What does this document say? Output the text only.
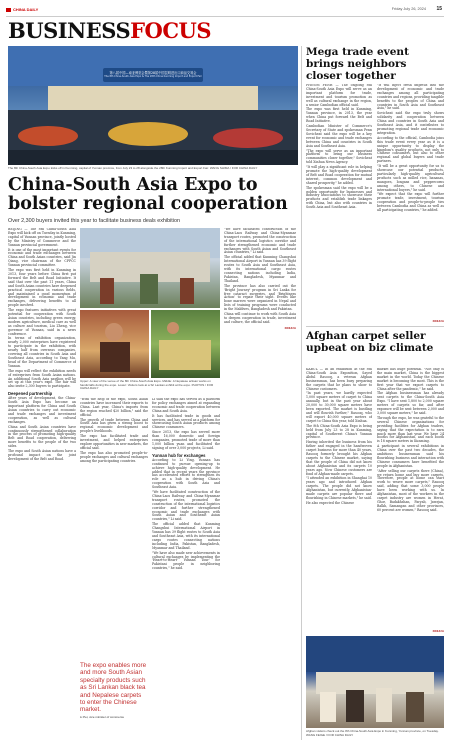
CHINA DAILY	Friday July 26, 2024 15
BUSINESSFOCUS
第八届中国—南亚博览会暨第28届中国昆明进出口商品交易会
The 8th China-South Asia Expo & The 28th China Kunming Import and Export Fair
The 8th China-South Asia Expo kicks off in Kunming, capital of Yunnan province, from July 23 to 28 alongside the 28th Kunming Import and Export Fair. WANG SHIMA / FOR CHINA DAILY
China-South Asia Expo to bolster regional cooperation
Over 2,300 buyers invited this year to facilitate business deals exhibition

BEIJING — The 8th China-South Asia Expo will kick off on Tuesday in Kunming, capital of Yunnan province, jointly hosted by the Ministry of Commerce and the Yunnan provincial government.

It is one of the most important events for economic and trade exchanges between China and South Asian countries, said Jin Qiang, vice chairman of the CPPCC Yunnan provincial committee.

The expo was first held in Kunming in 2013, four years before China first put forward the Belt and Road Initiative. It said that over the past 11 years, China and South Asian countries have deepened practical cooperation in various fields, and maintained a good momentum of development in economic and trade exchanges, delivering benefits to all people involved.

The expo features initiatives with great potential for cooperation with South Asian countries, including green energy, modern agriculture, medical care as well as culture and tourism, Liu Zheng, vice governor of Yunnan, said in a news conference.

In terms of exhibition organization, nearly 2,000 enterprises have registered to participate in the exhibition, with nearly half from overseas companies, covering all countries in South Asia and Southeast Asia, according to Yang Mu, head of the Department of Commerce of Yunnan.

The expo will reflect the exhibition needs of enterprises from South Asian nations. An additional South Asia pavilion will be set up at this year's expo. The fair will also invite 2,300 buyers to participate.

Deepened partnership

After years of development, the China-South Asia Expo has become an important platform for China and South Asian countries to carry out economic and trade exchanges and investment cooperation, as well as cultural exchanges.

China and South Asian countries have continuously strengthened collaboration in the process of promoting high-quality Belt and Road cooperation, delivering more benefits to the people of the two sides.

The expo and South Asian nations have a profound impact on the joint development of the Belt and Road.

Upper: A view of the venue of the 8th China-South Asia Expo. Middle: A Nepalese artisan works on handicrafts during the expo. Lower: Visitors look at a Sri Lankan exhibit at the expo. PHOTOS / FOR CHINA DAILY

"With the help of the expo, South Asian countries have increased their exports to China. Last year, China's imports from the region reached $20 billion," said the official.

The growth of trade between China and South Asia has given a strong boost to regional economic development and people's livelihoods.

The expo has facilitated trade and investment, and helped enterprises explore opportunities in new markets, the official said.

The expo has also promoted people-to-people exchanges and cultural exchanges among the participating countries.

The expo enables more and more South Asian specialty products such as Sri Lankan black tea and Nepalese carpets to enter the Chinese market.
Li Pei, vice minister of commerce

Li said the expo has served as a platform for policy exchanges aimed at expanding economic and trade cooperation between China and South Asia.

It has facilitated trade in goods and services, and has served as a platform for showcasing South Asian products among Chinese consumers.

Since 2013, the expo has served more than 16,000 domestic and foreign companies, promoted trade of more than 1,000 billion yuan and facilitated the signing of over 3,000 projects, Li said.

Yunnan hub for exchanges

According to Li Ying, Yunnan has continued to pursue opening-up to achieve high-quality development. He added that in recent years the province has accelerated efforts to strengthen its role as a hub in driving China's cooperation with South Asia and Southeast Asia.

"We have facilitated construction of the China-Laos Railway and China-Myanmar transport routes, promoted the construction of the international logistics corridor and further strengthened economic and trade exchanges with South Asian and Southeast Asian countries," Li said.

The official added that Kunming Changshui International Airport in Yunnan has 39 flight routes to South Asia and Southeast Asia, with its international cargo routes connecting nations including India, Pakistan, Bangladesh, Myanmar and Thailand.

"We have also made new achievements in cultural exchanges by implementing the 'Heart-to-Heart' Yunnan Tour' for Pakistani people in neighboring countries," he said.

"We have facilitated construction of the China-Laos Railway and China-Myanmar transport routes, promoted the construction of the international logistics corridor and further strengthened economic and trade exchanges with South Asian and Southeast Asian countries," Li said.

The official added that Kunming Changshui International Airport in Yunnan has 39 flight routes to South Asia and Southeast Asia, with its international cargo routes connecting nations including India, Pakistan, Bangladesh, Myanmar and Thailand.

The province has also carried out the 'Bright Journey' program in Sri Lanka for free cataract surgeries, and 'Brightness Action' to repair their sight. Events like bone marrow were organized in Nepal and lists of training programs were conducted in the Maldives, Bangladesh and Pakistan.

China will continue to work with South Asia to deepen cooperation in trade, investment and culture, the official said.

XINHUA
Mega trade event brings neighbors closer together

PHNOM PENH — The ongoing 8th China-South Asia Expo will serve as an important platform for trade, investment and tourism promotion as well as cultural exchange in the region, a senior Cambodian official said.

The expo was first held in Kunming, Yunnan province, in 2013, the year when China put forward the Belt and Road Initiative.

Cambodian Minister of Commerce's Secretary of State and spokesman Penn Sovicheat said the expo will be a key event for economic and trade exchanges between China and countries in South Asia and Southeast Asia.

"The expo will serve as an important platform to bring our business communities closer together," Sovicheat told Xinhua News Agency.

"It will play a significant role in helping promote the high-quality development of Belt and Road cooperation for mutual interest, common development and shared prosperity," he added.

The spokesman said the expo will be a golden opportunity for businesses and industry associations to showcase their products and establish trade linkages with China, but also with countries in South Asia and Southeast Asia.

"It will inject fresh impetus into the development of economic and trade exchanges among all participating countries and regions, providing tangible benefits to the peoples of China and countries in South Asia and Southeast Asia," he said.

Sovicheat said the expo truly shows solidarity and cooperation between China and countries in South Asia and Southeast Asia, and it contributes to promoting regional trade and economic integration.

According to the official, Cambodia joins this trade event every year as it is a unique opportunity to display the kingdom's quality products, not only to Chinese consumers, but also to other regional and global buyers and trade partners.

"It will be a great opportunity for us to showcase our potential products, particularly high-quality agricultural products such as milled rice, bananas, mangoes, longans and peppercorns among others, to Chinese and international buyers," he said.

"We expect that the expo will further promote trade, investment, tourism cooperation and people-to-people ties between Cambodia and China as well as all participating countries," he added.

XINHUA
Afghan carpet seller upbeat on biz climate

KABUL — In an exhibition at the 8th China-South Asia Exposition, Sayed Abdul Rasooq, a veteran Afghan businessman, has been busy preparing the carpets that he plans to show to Chinese customers.

"In past years, we hardly expected 1,000 square meters of carpet to China annually, but in the past year about 20,000 to 30,000 square meters have been exported. The market is bustling and will flourish further," Rasooq, who will export 40,000 square meters of carpet to China this year, told Xinhua.

The 8th China-South Asia Expo is being held from July 23 to 28 in Kunming, capital of Southwest China's Yunnan province.

Having inherited the business from his father and engaged in the handwoven carpet business for more than 40 years, Rasooq formerly brought his Afghan carpets to the Chinese market, saying that the people of China did not know about Afghanistan and its carpets 10 years ago. Now Chinese customers are fond of Afghan-made carpets.

"I attended an exhibition in Shanghai 10 years ago and introduced Afghan carpets. The people did not know Afghanistan, but currently, Afghanistan-made carpets are popular there and flourishing in Chinese markets," he said.

He also expected the Chinese

market has huge potential. "Not only is the main market, China is the biggest market in the world. Today the Chinese market is becoming the most. This is the first year that we export carpets to China after the pandemic," he said.

The Afghan businessman has already sent carpets to the China-South Asia Expo. "I have sent 1,800 to 2,000 square meters of carpets so far, and after exposure will be sent between 2,000 and 3,000 square meters," he said.

Through the expo, he was grateful to the several Chinese organizations for providing facilities for Afghan traders, saying that the expectation is to earn much more than last year. We have 24 booths for Afghanistan, and each booth is 18 square meters in Kunming.

A participant in several exhibitions in China over the past two decades, the ambitious businessman said his flourishing business and interaction with Chinese consumers have benefited the people in Afghanistan.

"After selling our carpets there (China), we return home and buy more carpets. Therefore, people at home can start work to weave more carpets," Rasooq said, adding that some 3,000 people have been working with us. In Afghanistan, most of the workers in the carpet industry are women in Herat, Ghor, Badakhshan, Faryab, Jawzjan, Balkh, Samangan and other provinces, 60 percent are women," Rasooq said.

XINHUA
Afghan visitors check out the 8th China-South Asia Expo in Kunming, Yunnan province, on Tuesday. WANG FEIGE / FOR CHINA DAILY
